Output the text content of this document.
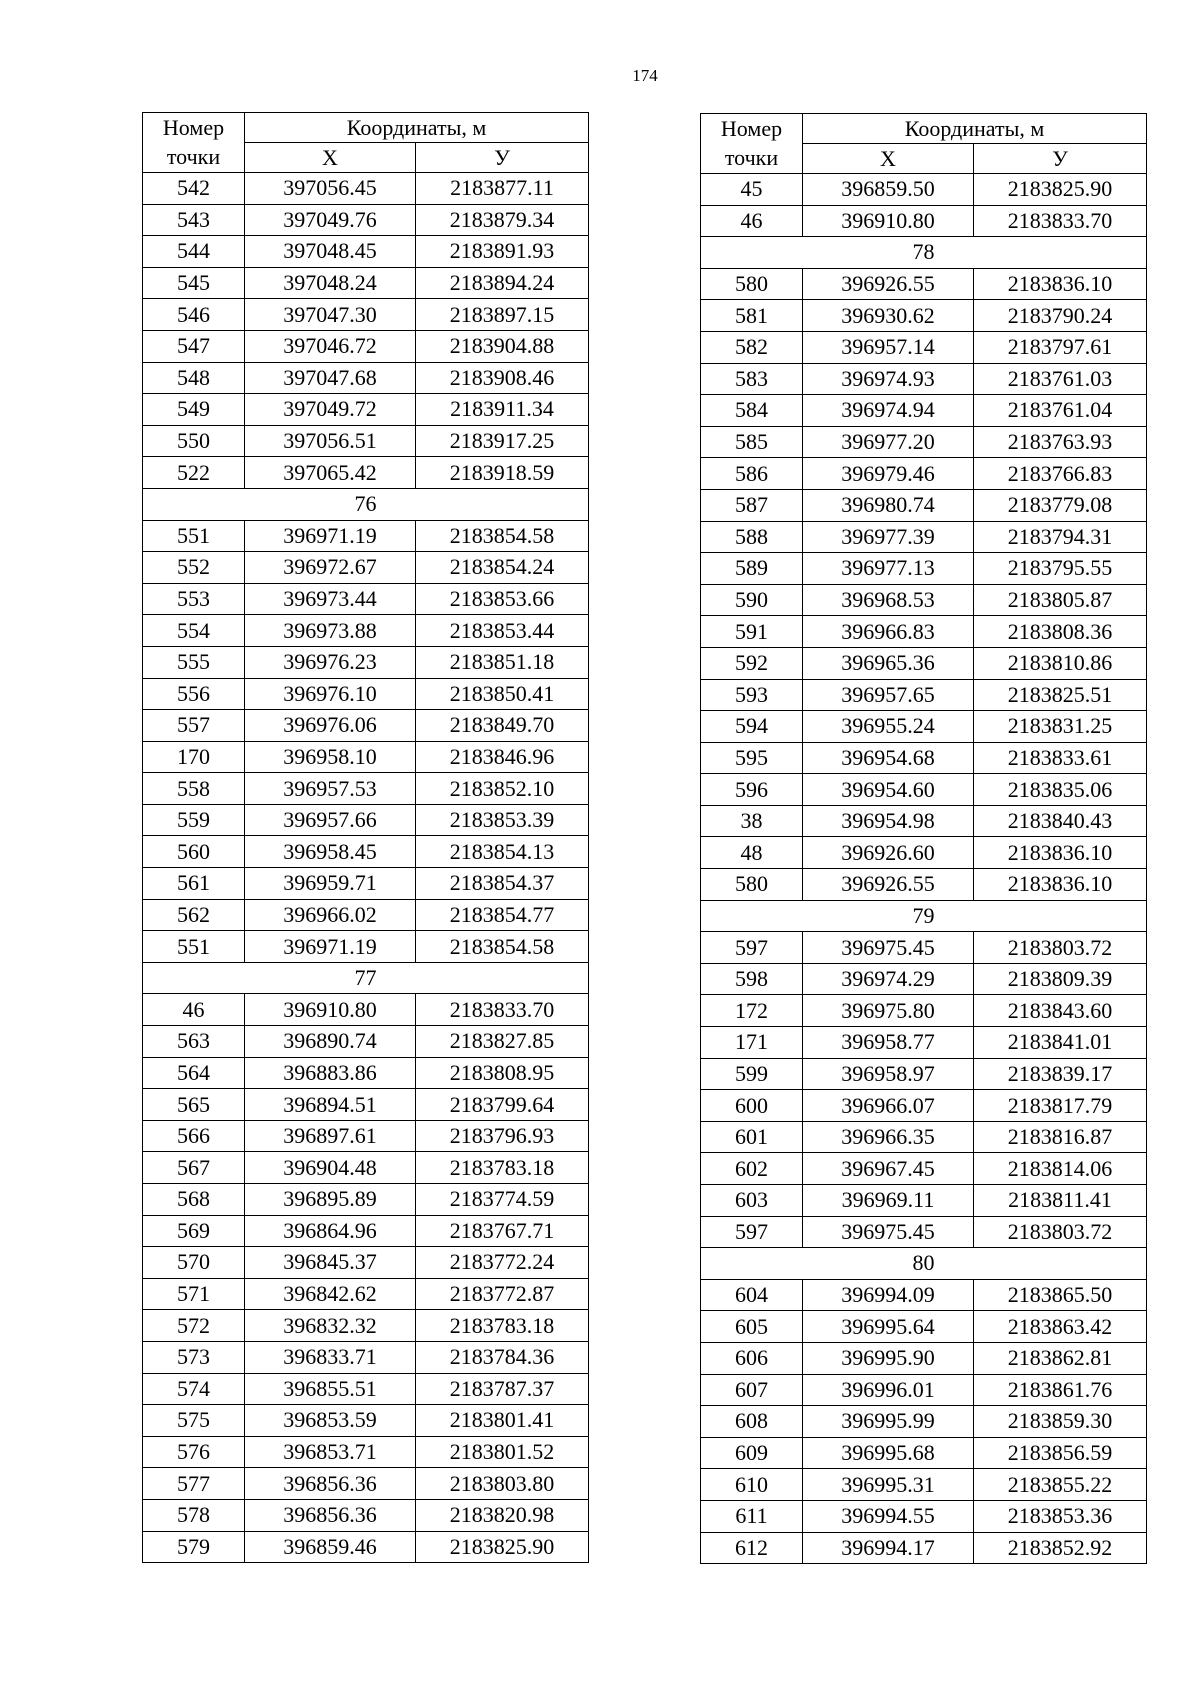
174
Номер	Координаты, м	
точки	X	У
542	397056.45	2183877.11
543	397049.76	2183879.34
544	397048.45	2183891.93
545	397048.24	2183894.24
546	397047.30	2183897.15
547	397046.72	2183904.88
548	397047.68	2183908.46
549	397049.72	2183911.34
550	397056.51	2183917.25
522	397065.42	2183918.59
76		
551	396971.19	2183854.58
552	396972.67	2183854.24
553	396973.44	2183853.66
554	396973.88	2183853.44
555	396976.23	2183851.18
556	396976.10	2183850.41
557	396976.06	2183849.70
170	396958.10	2183846.96
558	396957.53	2183852.10
559	396957.66	2183853.39
560	396958.45	2183854.13
561	396959.71	2183854.37
562	396966.02	2183854.77
551	396971.19	2183854.58
77		
46	396910.80	2183833.70
563	396890.74	2183827.85
564	396883.86	2183808.95
565	396894.51	2183799.64
566	396897.61	2183796.93
567	396904.48	2183783.18
568	396895.89	2183774.59
569	396864.96	2183767.71
570	396845.37	2183772.24
571	396842.62	2183772.87
572	396832.32	2183783.18
573	396833.71	2183784.36
574	396855.51	2183787.37
575	396853.59	2183801.41
576	396853.71	2183801.52
577	396856.36	2183803.80
578	396856.36	2183820.98
579	396859.46	2183825.90
Номер	Координаты, м	
точки	X	У
45	396859.50	2183825.90
46	396910.80	2183833.70
78		
580	396926.55	2183836.10
581	396930.62	2183790.24
582	396957.14	2183797.61
583	396974.93	2183761.03
584	396974.94	2183761.04
585	396977.20	2183763.93
586	396979.46	2183766.83
587	396980.74	2183779.08
588	396977.39	2183794.31
589	396977.13	2183795.55
590	396968.53	2183805.87
591	396966.83	2183808.36
592	396965.36	2183810.86
593	396957.65	2183825.51
594	396955.24	2183831.25
595	396954.68	2183833.61
596	396954.60	2183835.06
38	396954.98	2183840.43
48	396926.60	2183836.10
580	396926.55	2183836.10
79		
597	396975.45	2183803.72
598	396974.29	2183809.39
172	396975.80	2183843.60
171	396958.77	2183841.01
599	396958.97	2183839.17
600	396966.07	2183817.79
601	396966.35	2183816.87
602	396967.45	2183814.06
603	396969.11	2183811.41
597	396975.45	2183803.72
80		
604	396994.09	2183865.50
605	396995.64	2183863.42
606	396995.90	2183862.81
607	396996.01	2183861.76
608	396995.99	2183859.30
609	396995.68	2183856.59
610	396995.31	2183855.22
611	396994.55	2183853.36
612	396994.17	2183852.92
